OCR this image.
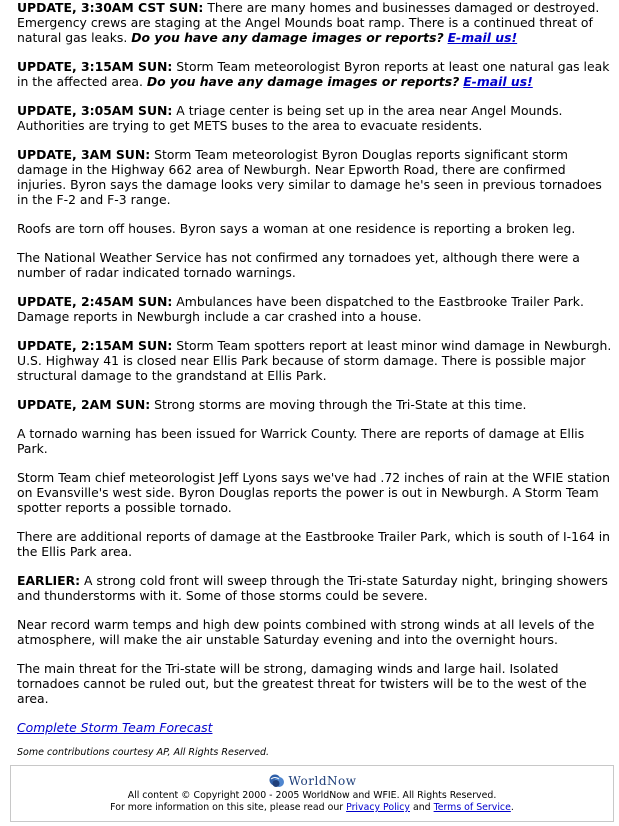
UPDATE, 3:30AM CST SUN: There are many homes and businesses damaged or destroyed. Emergency crews are staging at the Angel Mounds boat ramp. There is a continued threat of natural gas leaks. Do you have any damage images or reports? E-mail us!

UPDATE, 3:15AM SUN: Storm Team meteorologist Byron reports at least one natural gas leak in the affected area. Do you have any damage images or reports? E-mail us!

UPDATE, 3:05AM SUN: A triage center is being set up in the area near Angel Mounds. Authorities are trying to get METS buses to the area to evacuate residents.

UPDATE, 3AM SUN: Storm Team meteorologist Byron Douglas reports significant storm damage in the Highway 662 area of Newburgh. Near Epworth Road, there are confirmed injuries. Byron says the damage looks very similar to damage he's seen in previous tornadoes in the F-2 and F-3 range.

Roofs are torn off houses. Byron says a woman at one residence is reporting a broken leg.

The National Weather Service has not confirmed any tornadoes yet, although there were a number of radar indicated tornado warnings.

UPDATE, 2:45AM SUN: Ambulances have been dispatched to the Eastbrooke Trailer Park. Damage reports in Newburgh include a car crashed into a house.

UPDATE, 2:15AM SUN: Storm Team spotters report at least minor wind damage in Newburgh. U.S. Highway 41 is closed near Ellis Park because of storm damage. There is possible major structural damage to the grandstand at Ellis Park.

UPDATE, 2AM SUN: Strong storms are moving through the Tri-State at this time.

A tornado warning has been issued for Warrick County. There are reports of damage at Ellis Park.

Storm Team chief meteorologist Jeff Lyons says we've had .72 inches of rain at the WFIE station on Evansville's west side. Byron Douglas reports the power is out in Newburgh. A Storm Team spotter reports a possible tornado.

There are additional reports of damage at the Eastbrooke Trailer Park, which is south of I-164 in the Ellis Park area.

EARLIER: A strong cold front will sweep through the Tri-state Saturday night, bringing showers and thunderstorms with it. Some of those storms could be severe.

Near record warm temps and high dew points combined with strong winds at all levels of the atmosphere, will make the air unstable Saturday evening and into the overnight hours.

The main threat for the Tri-state will be strong, damaging winds and large hail. Isolated tornadoes cannot be ruled out, but the greatest threat for twisters will be to the west of the area.

Complete Storm Team Forecast

Some contributions courtesy AP, All Rights Reserved.

WorldNow
All content © Copyright 2000 - 2005 WorldNow and WFIE. All Rights Reserved.
For more information on this site, please read our Privacy Policy and Terms of Service.
